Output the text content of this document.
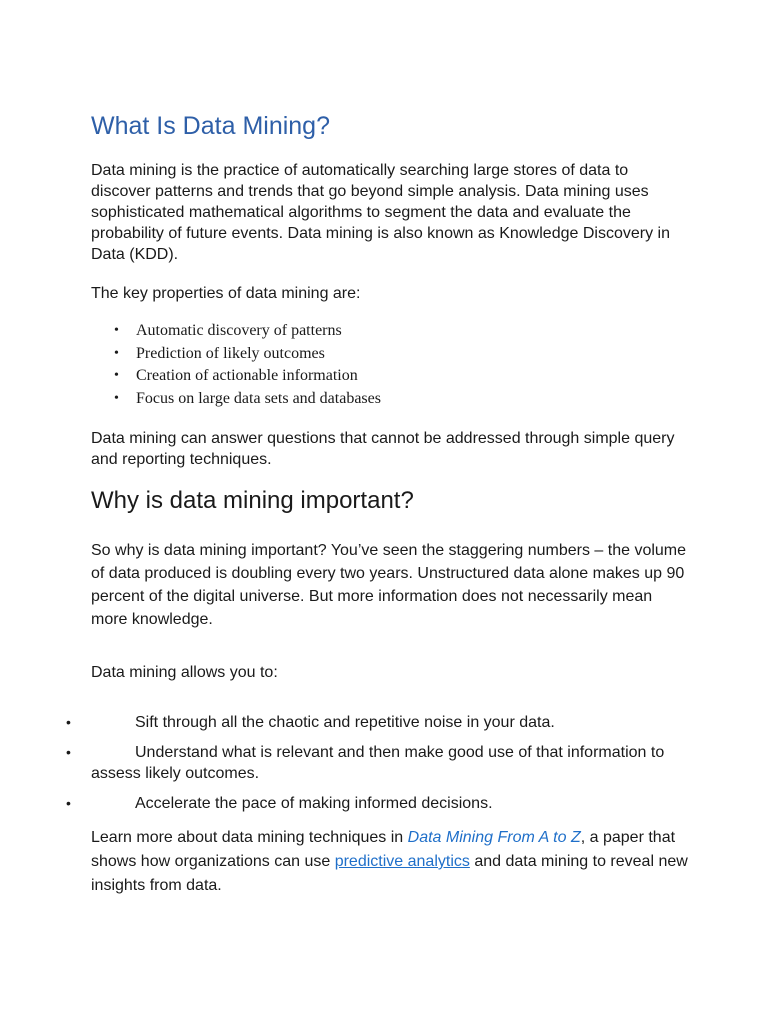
What Is Data Mining?

Data mining is the practice of automatically searching large stores of data to discover patterns and trends that go beyond simple analysis. Data mining uses sophisticated mathematical algorithms to segment the data and evaluate the probability of future events. Data mining is also known as Knowledge Discovery in Data (KDD).

The key properties of data mining are:

• Automatic discovery of patterns
• Prediction of likely outcomes
• Creation of actionable information
• Focus on large data sets and databases

Data mining can answer questions that cannot be addressed through simple query and reporting techniques.

Why is data mining important?

So why is data mining important? You’ve seen the staggering numbers – the volume of data produced is doubling every two years. Unstructured data alone makes up 90 percent of the digital universe. But more information does not necessarily mean more knowledge.

Data mining allows you to:

•	Sift through all the chaotic and repetitive noise in your data.
•	Understand what is relevant and then make good use of that information to assess likely outcomes.
•	Accelerate the pace of making informed decisions.

Learn more about data mining techniques in Data Mining From A to Z, a paper that shows how organizations can use predictive analytics and data mining to reveal new insights from data.
